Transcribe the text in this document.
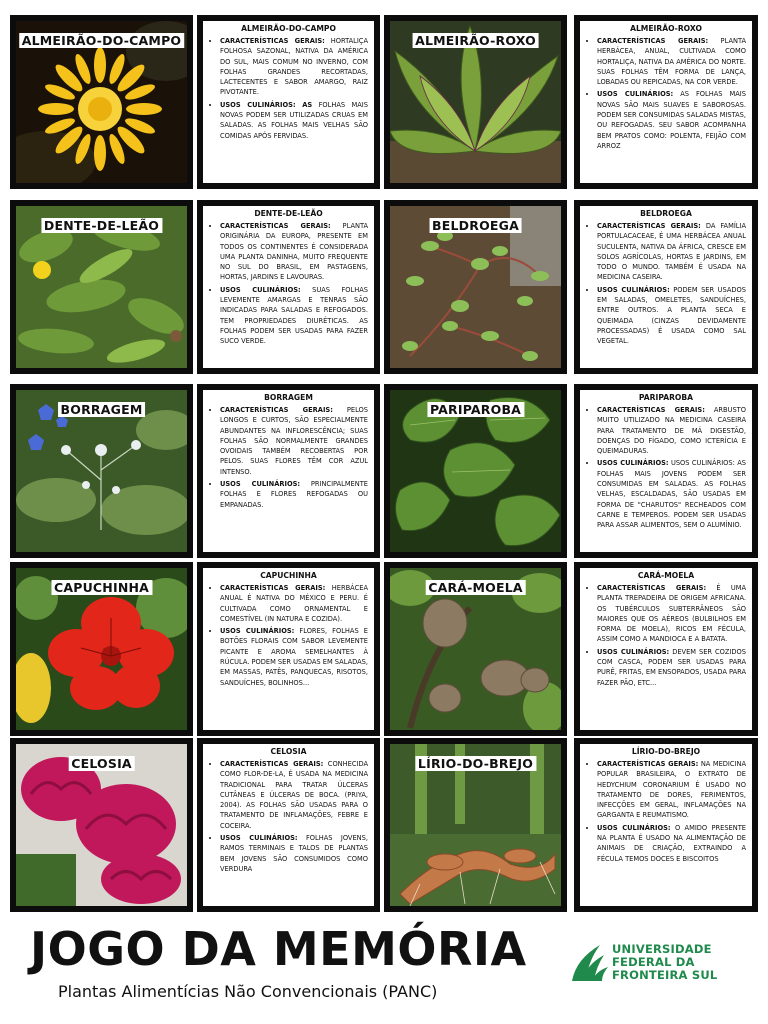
ALMEIRÃO-DO-CAMPO
ALMEIRÃO-DO-CAMPO
• CARACTERÍSTICAS GERAIS: HORTALIÇA FOLHOSA SAZONAL, NATIVA DA AMÉRICA DO SUL, MAIS COMUM NO INVERNO, COM FOLHAS GRANDES RECORTADAS, LACTECENTES E SABOR AMARGO, RAIZ PIVOTANTE.
• USOS CULINÁRIOS: AS FOLHAS MAIS NOVAS PODEM SER UTILIZADAS CRUAS EM SALADAS. AS FOLHAS MAIS VELHAS SÃO COMIDAS APÓS FERVIDAS.
ALMEIRÃO-ROXO
ALMEIRÃO-ROXO
• CARACTERÍSTICAS GERAIS: PLANTA HERBÁCEA, ANUAL, CULTIVADA COMO HORTALIÇA, NATIVA DA AMÉRICA DO NORTE. SUAS FOLHAS TÊM FORMA DE LANÇA, LOBADAS OU REPICADAS, NA COR VERDE.
• USOS CULINÁRIOS: AS FOLHAS MAIS NOVAS SÃO MAIS SUAVES E SABOROSAS. PODEM SER CONSUMIDAS SALADAS MISTAS, OU REFOGADAS. SEU SABOR ACOMPANHA BEM PRATOS COMO: POLENTA, FEIJÃO COM ARROZ
DENTE-DE-LEÃO
DENTE-DE-LEÃO
• CARACTERÍSTICAS GERAIS: PLANTA ORIGINÁRIA DA EUROPA, PRESENTE EM TODOS OS CONTINENTES É CONSIDERADA UMA PLANTA DANINHA, MUITO FREQUENTE NO SUL DO BRASIL, EM PASTAGENS, HORTAS, JARDINS E LAVOURAS.
• USOS CULINÁRIOS: SUAS FOLHAS LEVEMENTE AMARGAS E TENRAS SÃO INDICADAS PARA SALADAS E REFOGADOS. TEM PROPRIEDADES DIURÉTICAS. AS FOLHAS PODEM SER USADAS PARA FAZER SUCO VERDE.
BELDROEGA
BELDROEGA
• CARACTERÍSTICAS GERAIS: DA FAMÍLIA PORTULACACEAE, É UMA HERBÁCEA ANUAL SUCULENTA, NATIVA DA ÁFRICA, CRESCE EM SOLOS AGRÍCOLAS, HORTAS E JARDINS, EM TODO O MUNDO. TAMBÉM É USADA NA MEDICINA CASEIRA.
• USOS CULINÁRIOS: PODEM SER USADOS EM SALADAS, OMELETES, SANDUÍCHES, ENTRE OUTROS. A PLANTA SECA E QUEIMADA (CINZAS DEVIDAMENTE PROCESSADAS) É USADA COMO SAL VEGETAL.
BORRAGEM
BORRAGEM
• CARACTERÍSTICAS GERAIS: PELOS LONGOS E CURTOS, SÃO ESPECIALMENTE ABUNDANTES NA INFLORESCÊNCIA; SUAS FOLHAS SÃO NORMALMENTE GRANDES OVOIDAIS TAMBÉM RECOBERTAS POR PELOS. SUAS FLORES TÊM COR AZUL INTENSO.
• USOS CULINÁRIOS: PRINCIPALMENTE FOLHAS E FLORES REFOGADAS OU EMPANADAS.
PARIPAROBA
PARIPAROBA
• CARACTERÍSTICAS GERAIS: ARBUSTO MUITO UTILIZADO NA MEDICINA CASEIRA PARA TRATAMENTO DE MÁ DIGESTÃO, DOENÇAS DO FÍGADO, COMO ICTERÍCIA E QUEIMADURAS.
• USOS CULINÁRIOS: USOS CULINÁRIOS: AS FOLHAS MAIS JOVENS PODEM SER CONSUMIDAS EM SALADAS. AS FOLHAS VELHAS, ESCALDADAS, SÃO USADAS EM FORMA DE "CHARUTOS" RECHEADOS COM CARNE E TEMPEROS. PODEM SER USADAS PARA ASSAR ALIMENTOS, SEM O ALUMÍNIO.
CAPUCHINHA
CAPUCHINHA
• CARACTERÍSTICAS GERAIS: HERBÁCEA ANUAL É NATIVA DO MÉXICO E PERU. É CULTIVADA COMO ORNAMENTAL E COMESTÍVEL (IN NATURA E COZIDA).
• USOS CULINÁRIOS: FLORES, FOLHAS E BOTÕES FLORAIS COM SABOR LEVEMENTE PICANTE E AROMA SEMELHANTES À RÚCULA. PODEM SER USADAS EM SALADAS, EM MASSAS, PATÊS, PANQUECAS, RISOTOS, SANDUÍCHES, BOLINHOS...
CARÁ-MOELA
CARÁ-MOELA
• CARACTERÍSTICAS GERAIS: É UMA PLANTA TREPADEIRA DE ORIGEM AFRICANA. OS TUBÉRCULOS SUBTERRÂNEOS SÃO MAIORES QUE OS AÉREOS (BULBILHOS EM FORMA DE MOELA), RICOS EM FÉCULA, ASSIM COMO A MANDIOCA E A BATATA.
• USOS CULINÁRIOS: DEVEM SER COZIDOS COM CASCA, PODEM SER USADAS PARA PURÊ, FRITAS, EM ENSOPADOS, USADA PARA FAZER PÃO, ETC...
CELOSIA
CELOSIA
• CARACTERÍSTICAS GERAIS: CONHECIDA COMO FLOR-DE-LA, É USADA NA MEDICINA TRADICIONAL PARA TRATAR ÚLCERAS CUTÂNEAS E ÚLCERAS DE BOCA. (PRIYA, 2004). AS FOLHAS SÃO USADAS PARA O TRATAMENTO DE INFLAMAÇÕES, FEBRE E COCEIRA.
• USOS CULINÁRIOS: FOLHAS JOVENS, RAMOS TERMINAIS E TALOS DE PLANTAS BEM JOVENS SÃO CONSUMIDOS COMO VERDURA
LÍRIO-DO-BREJO
LÍRIO-DO-BREJO
• CARACTERÍSTICAS GERAIS: NA MEDICINA POPULAR BRASILEIRA, O EXTRATO DE HEDYCHIUM CORONARIUM É USADO NO TRATAMENTO DE DORES, FERIMENTOS, INFECÇÕES EM GERAL, INFLAMAÇÕES NA GARGANTA E REUMATISMO.
• USOS CULINÁRIOS: O AMIDO PRESENTE NA PLANTA É USADO NA ALIMENTAÇÃO DE ANIMAIS DE CRIAÇÃO, EXTRAINDO A FÉCULA TEMOS DOCES E BISCOITOS
JOGO DA MEMÓRIA
Plantas Alimentícias Não Convencionais (PANC)
UNIVERSIDADE
FEDERAL DA
FRONTEIRA SUL
